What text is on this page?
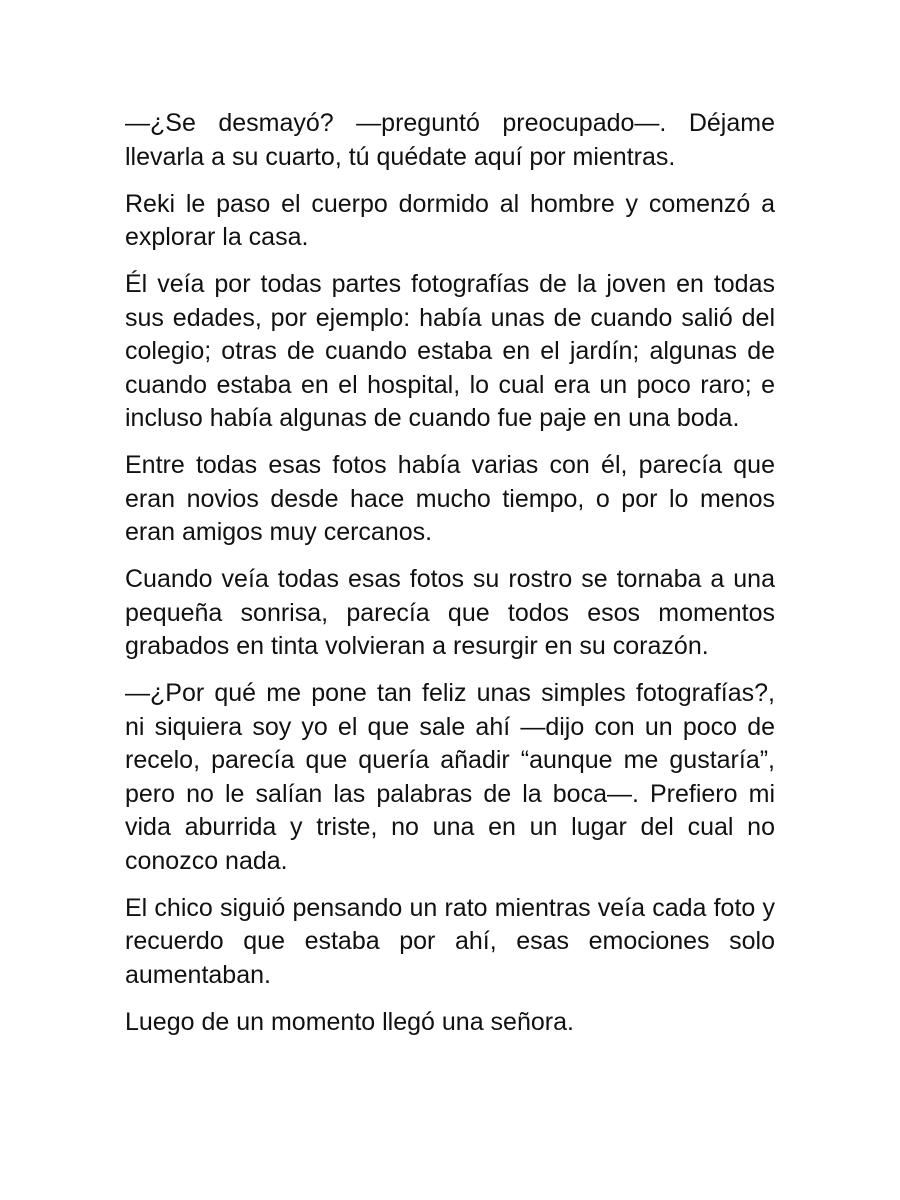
—¿Se desmayó? —preguntó preocupado—. Déjame llevarla a su cuarto, tú quédate aquí por mientras.

Reki le paso el cuerpo dormido al hombre y comenzó a explorar la casa.

Él veía por todas partes fotografías de la joven en todas sus edades, por ejemplo: había unas de cuando salió del colegio; otras de cuando estaba en el jardín; algunas de cuando estaba en el hospital, lo cual era un poco raro; e incluso había algunas de cuando fue paje en una boda.

Entre todas esas fotos había varias con él, parecía que eran novios desde hace mucho tiempo, o por lo menos eran amigos muy cercanos.

Cuando veía todas esas fotos su rostro se tornaba a una pequeña sonrisa, parecía que todos esos momentos grabados en tinta volvieran a resurgir en su corazón.

—¿Por qué me pone tan feliz unas simples fotografías?, ni siquiera soy yo el que sale ahí —dijo con un poco de recelo, parecía que quería añadir “aunque me gustaría”, pero no le salían las palabras de la boca—. Prefiero mi vida aburrida y triste, no una en un lugar del cual no conozco nada.

El chico siguió pensando un rato mientras veía cada foto y recuerdo que estaba por ahí, esas emociones solo aumentaban.

Luego de un momento llegó una señora.
